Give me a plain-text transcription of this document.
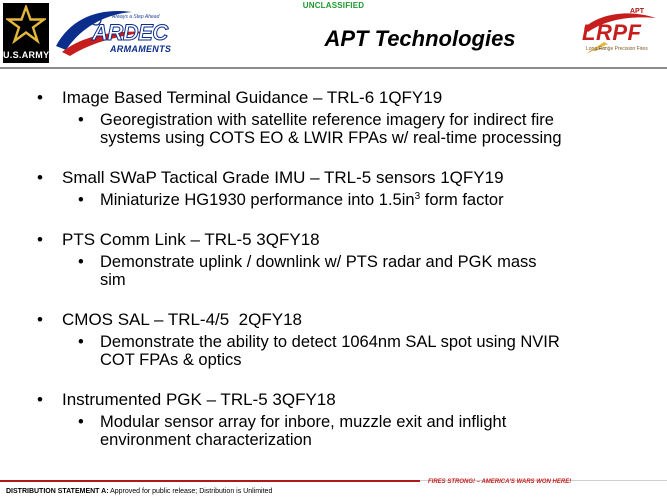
UNCLASSIFIED
U.S.ARMY
Always a Step Ahead
ARDEC
ARMAMENTS	APT Technologies
APT
LRPF
Long Range Precision Fires
• Image Based Terminal Guidance – TRL-6 1QFY19
• Georegistration with satellite reference imagery for indirect fire
systems using COTS EO & LWIR FPAs w/ real-time processing
• Small SWaP Tactical Grade IMU – TRL-5 sensors 1QFY19
• Miniaturize HG1930 performance into $1.5in^3$ form factor
• PTS Comm Link – TRL-5 3QFY18
• Demonstrate uplink / downlink w/ PTS radar and PGK mass
sim
• CMOS SAL – TRL-4/5  2QFY18
• Demonstrate the ability to detect 1064nm SAL spot using NVIR
COT FPAs & optics
• Instrumented PGK – TRL-5 3QFY18
• Modular sensor array for inbore, muzzle exit and inflight
environment characterization
FIRES STRONG! – AMERICA'S WARS WON HERE!
DISTRIBUTION STATEMENT A: Approved for public release; Distribution is Unlimited
